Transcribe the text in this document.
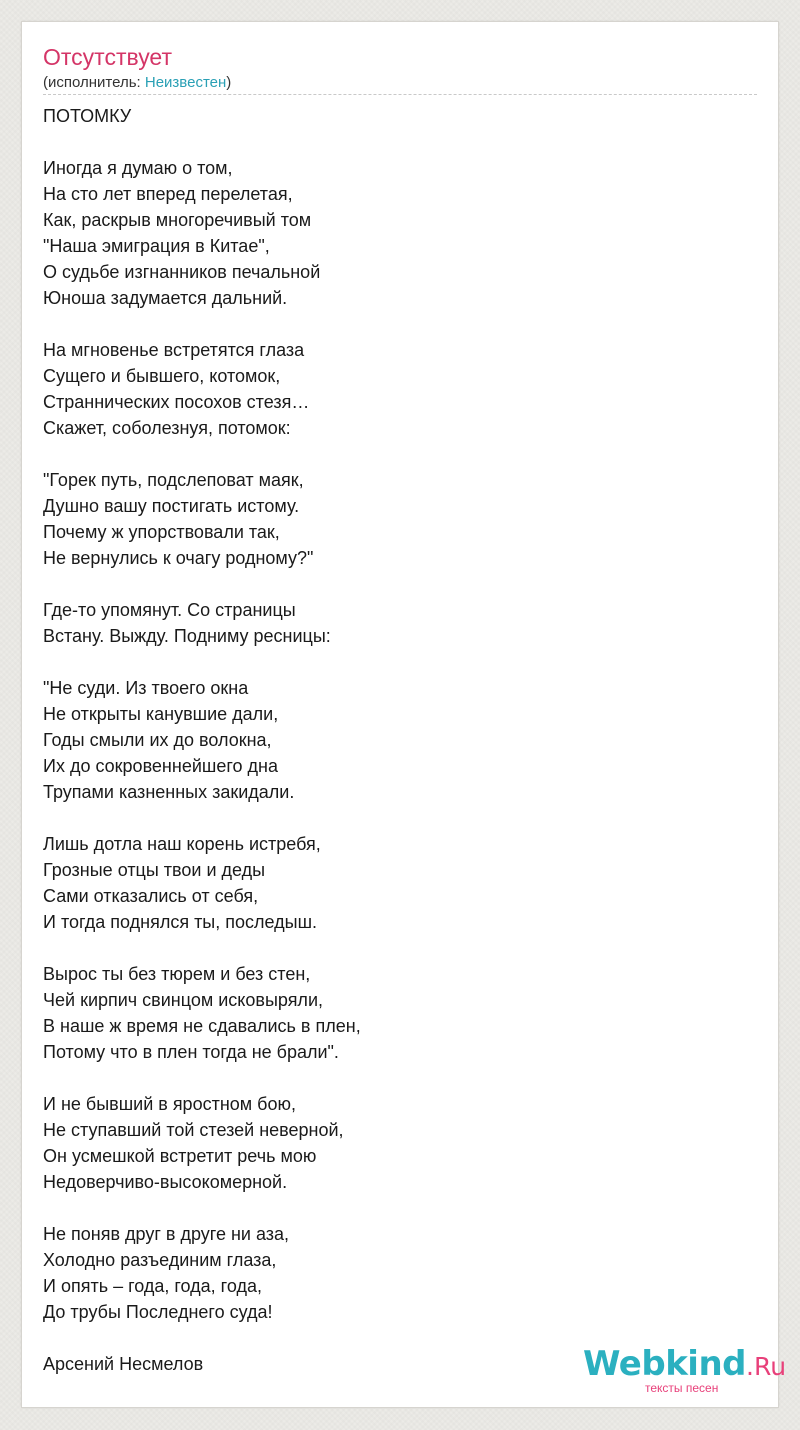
Отсутствует
(исполнитель: Неизвестен)
ПОТОМКУ
Иногда я думаю о том,
На сто лет вперед перелетая,
Как, раскрыв многоречивый том
"Наша эмиграция в Китае",
О судьбе изгнанников печальной
Юноша задумается дальний.
На мгновенье встретятся глаза
Сущего и бывшего, котомок,
Страннических посохов стезя…
Скажет, соболезнуя, потомок:
"Горек путь, подслеповат маяк,
Душно вашу постигать истому.
Почему ж упорствовали так,
Не вернулись к очагу родному?"
Где-то упомянут. Со страницы
Встану. Выжду. Подниму ресницы:
"Не суди. Из твоего окна
Не открыты канувшие дали,
Годы смыли их до волокна,
Их до сокровеннейшего дна
Трупами казненных закидали.
Лишь дотла наш корень истребя,
Грозные отцы твои и деды
Сами отказались от себя,
И тогда поднялся ты, последыш.
Вырос ты без тюрем и без стен,
Чей кирпич свинцом исковыряли,
В наше ж время не сдавались в плен,
Потому что в плен тогда не брали".
И не бывший в яростном бою,
Не ступавший той стезей неверной,
Он усмешкой встретит речь мою
Недоверчиво-высокомерной.
Не поняв друг в друге ни аза,
Холодно разъединим глаза,
И опять – года, года, года,
До трубы Последнего суда!
Арсений Несмелов	Webkind.Ru
тексты песен
